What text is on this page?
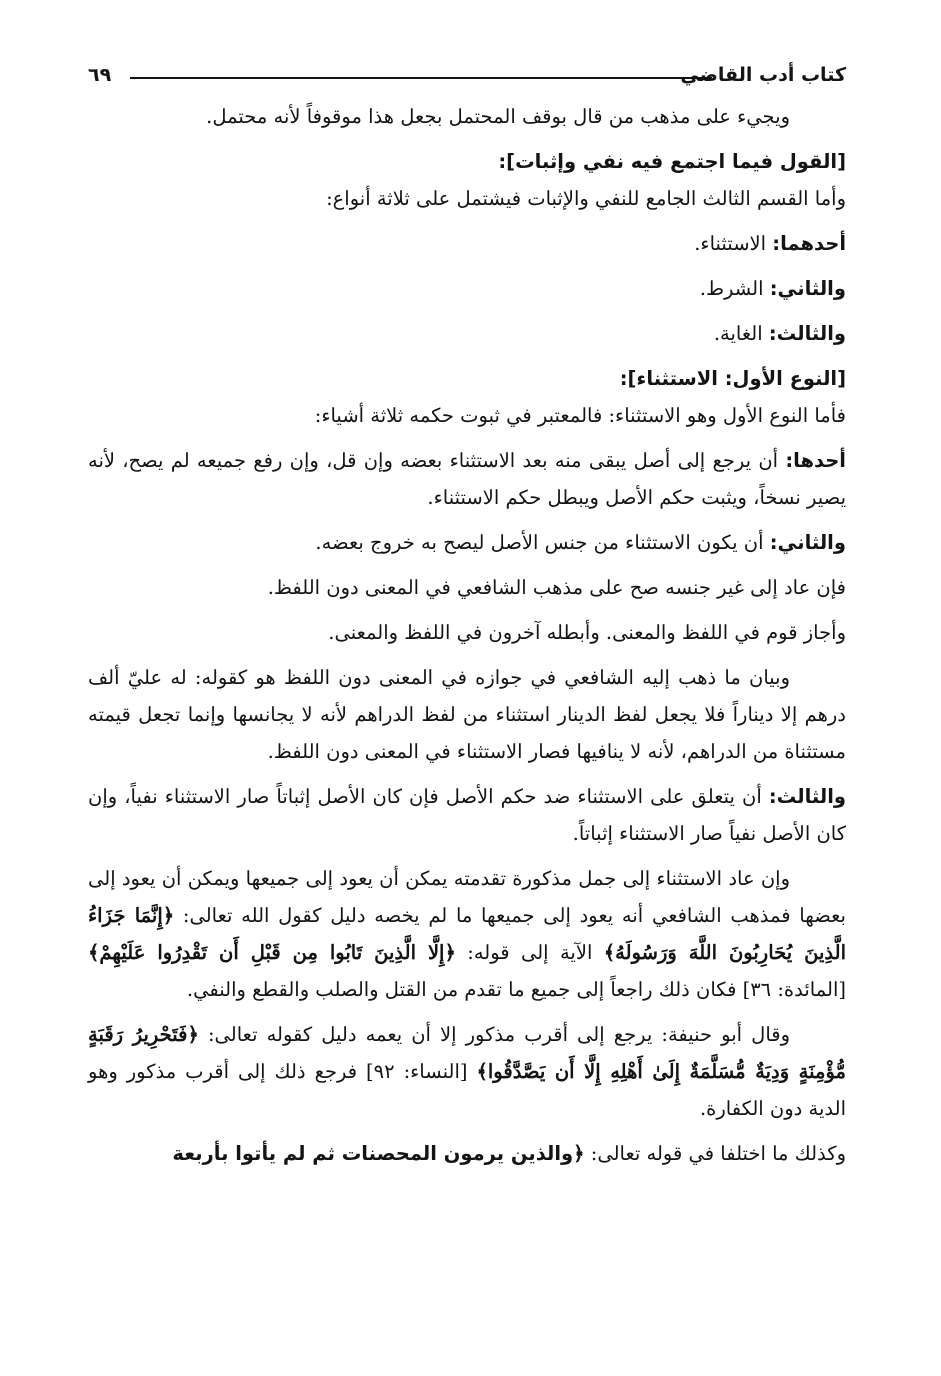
كتاب أدب القاضي
٦٩

ويجيء على مذهب من قال بوقف المحتمل بجعل هذا موقوفاً لأنه محتمل.

[القول فيما اجتمع فيه نفي وإثبات]:

وأما القسم الثالث الجامع للنفي والإثبات فيشتمل على ثلاثة أنواع:

أحدهما: الاستثناء.

والثاني: الشرط.

والثالث: الغاية.

[النوع الأول: الاستثناء]:

فأما النوع الأول وهو الاستثناء: فالمعتبر في ثبوت حكمه ثلاثة أشياء:

أحدها: أن يرجع إلى أصل يبقى منه بعد الاستثناء بعضه وإن قل، وإن رفع جميعه لم يصح، لأنه يصير نسخاً، ويثبت حكم الأصل ويبطل حكم الاستثناء.

والثاني: أن يكون الاستثناء من جنس الأصل ليصح به خروج بعضه.

فإن عاد إلى غير جنسه صح على مذهب الشافعي في المعنى دون اللفظ.

وأجاز قوم في اللفظ والمعنى. وأبطله آخرون في اللفظ والمعنى.

وبيان ما ذهب إليه الشافعي في جوازه في المعنى دون اللفظ هو كقوله: له عليّ ألف درهم إلا ديناراً فلا يجعل لفظ الدينار استثناء من لفظ الدراهم لأنه لا يجانسها وإنما تجعل قيمته مستثناة من الدراهم، لأنه لا ينافيها فصار الاستثناء في المعنى دون اللفظ.

والثالث: أن يتعلق على الاستثناء ضد حكم الأصل فإن كان الأصل إثباتاً صار الاستثناء نفياً، وإن كان الأصل نفياً صار الاستثناء إثباتاً.

وإن عاد الاستثناء إلى جمل مذكورة تقدمته يمكن أن يعود إلى جميعها ويمكن أن يعود إلى بعضها فمذهب الشافعي أنه يعود إلى جميعها ما لم يخصه دليل كقول الله تعالى: ﴿إِنَّمَا جَزَاءُ الَّذِينَ يُحَارِبُونَ اللَّهَ وَرَسُولَهُ﴾ الآية إلى قوله: ﴿إِلَّا الَّذِينَ تَابُوا مِن قَبْلِ أَن تَقْدِرُوا عَلَيْهِمْ﴾ [المائدة: ٣٦] فكان ذلك راجعاً إلى جميع ما تقدم من القتل والصلب والقطع والنفي.

وقال أبو حنيفة: يرجع إلى أقرب مذكور إلا أن يعمه دليل كقوله تعالى: ﴿فَتَحْرِيرُ رَقَبَةٍ مُّؤْمِنَةٍ وَدِيَةٌ مُّسَلَّمَةٌ إِلَىٰ أَهْلِهِ إِلَّا أَن يَصَّدَّقُوا﴾ [النساء: ٩٢] فرجع ذلك إلى أقرب مذكور وهو الدية دون الكفارة.

وكذلك ما اختلفا في قوله تعالى: ﴿والذين يرمون المحصنات ثم لم يأتوا بأربعة
